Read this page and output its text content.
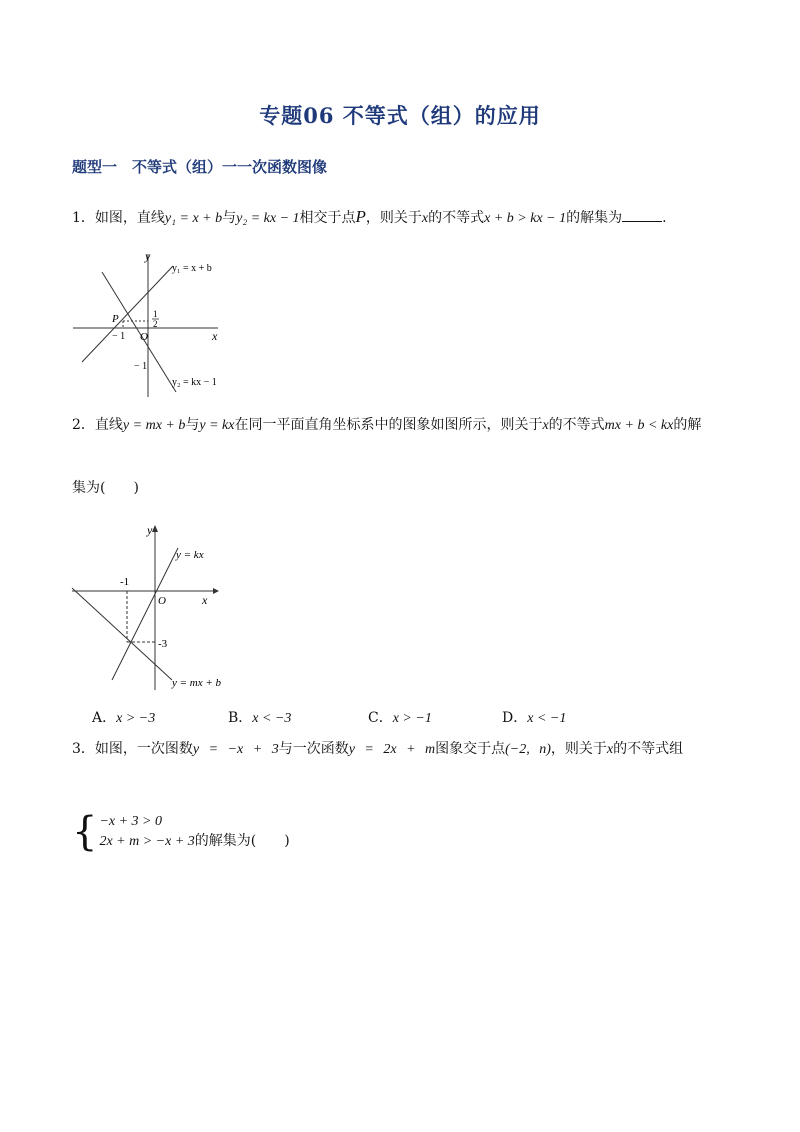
专题06 不等式（组）的应用
题型一　不等式（组）一一次函数图像
1．如图，直线y₁ = x + b与y₂ = kx − 1相交于点P，则关于x的不等式x + b > kx − 1的解集为	.
y
x
O
P
− 1
− 1
1
2
y₁ = x + b
y₂ = kx − 1
2．直线y = mx + b与y = kx在同一平面直角坐标系中的图象如图所示，则关于x的不等式mx + b < kx的解
集为(　　)
y
x
O
-1
-3
y = kx
y = mx + b
A．x > −3	B．x < −3	C．x > −1	D．x < −1
3．如图，一次图数y = −x + 3与一次函数y = 2x + m图象交于点(−2, n)，则关于x的不等式组
{ −x + 3 > 0
2x + m > −x + 3 的解集为(　　)
